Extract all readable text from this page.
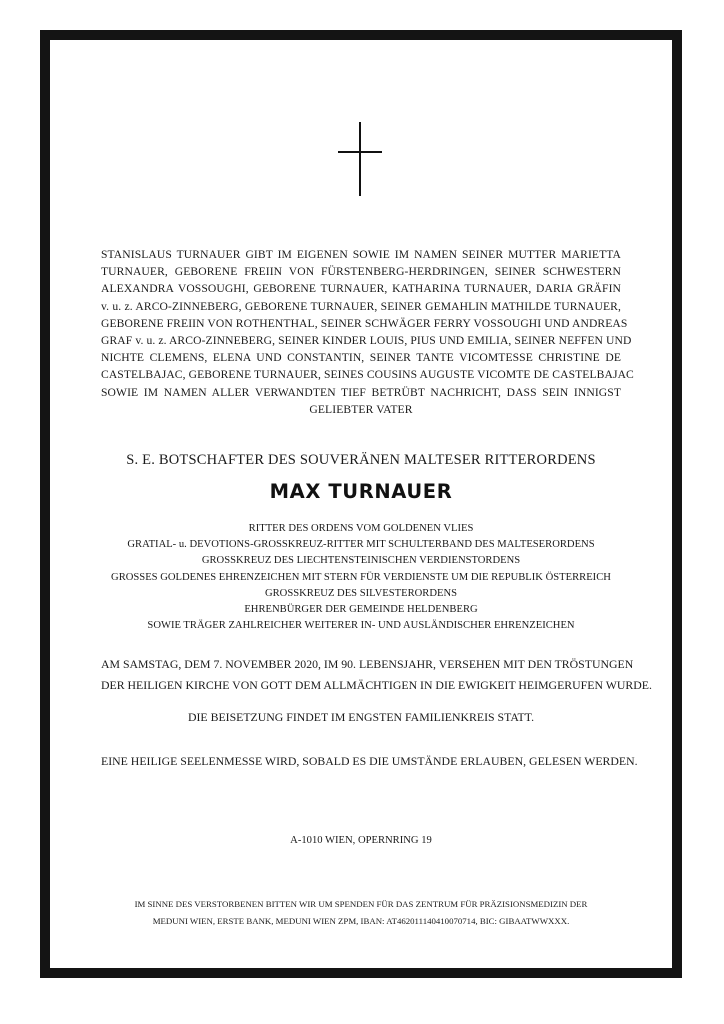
STANISLAUS TURNAUER GIBT IM EIGENEN SOWIE IM NAMEN SEINER MUTTER MARIETTA
TURNAUER, GEBORENE FREIIN VON FÜRSTENBERG-HERDRINGEN, SEINER SCHWESTERN
ALEXANDRA VOSSOUGHI, GEBORENE TURNAUER, KATHARINA TURNAUER, DARIA GRÄFIN
v. u. z. ARCO-ZINNEBERG, GEBORENE TURNAUER, SEINER GEMAHLIN MATHILDE TURNAUER,
GEBORENE FREIIN VON ROTHENTHAL, SEINER SCHWÄGER FERRY VOSSOUGHI UND ANDREAS
GRAF v. u. z. ARCO-ZINNEBERG, SEINER KINDER LOUIS, PIUS UND EMILIA, SEINER NEFFEN UND
NICHTE CLEMENS, ELENA UND CONSTANTIN, SEINER TANTE VICOMTESSE CHRISTINE DE
CASTELBAJAC, GEBORENE TURNAUER, SEINES COUSINS AUGUSTE VICOMTE DE CASTELBAJAC
SOWIE IM NAMEN ALLER VERWANDTEN TIEF BETRÜBT NACHRICHT, DASS SEIN INNIGST
GELIEBTER VATER
S. E. BOTSCHAFTER DES SOUVERÄNEN MALTESER RITTERORDENS
MAX TURNAUER
RITTER DES ORDENS VOM GOLDENEN VLIES
GRATIAL- u. DEVOTIONS-GROSSKREUZ-RITTER MIT SCHULTERBAND DES MALTESERORDENS
GROSSKREUZ DES LIECHTENSTEINISCHEN VERDIENSTORDENS
GROSSES GOLDENES EHRENZEICHEN MIT STERN FÜR VERDIENSTE UM DIE REPUBLIK ÖSTERREICH
GROSSKREUZ DES SILVESTERORDENS
EHRENBÜRGER DER GEMEINDE HELDENBERG
SOWIE TRÄGER ZAHLREICHER WEITERER IN- UND AUSLÄNDISCHER EHRENZEICHEN
AM SAMSTAG, DEM 7. NOVEMBER 2020, IM 90. LEBENSJAHR, VERSEHEN MIT DEN TRÖSTUNGEN
DER HEILIGEN KIRCHE VON GOTT DEM ALLMÄCHTIGEN IN DIE EWIGKEIT HEIMGERUFEN WURDE.
DIE BEISETZUNG FINDET IM ENGSTEN FAMILIENKREIS STATT.
EINE HEILIGE SEELENMESSE WIRD, SOBALD ES DIE UMSTÄNDE ERLAUBEN, GELESEN WERDEN.
A-1010 WIEN, OPERNRING 19
IM SINNE DES VERSTORBENEN BITTEN WIR UM SPENDEN FÜR DAS ZENTRUM FÜR PRÄZISIONSMEDIZIN DER
MEDUNI WIEN, ERSTE BANK, MEDUNI WIEN ZPM, IBAN: AT462011140410070714, BIC: GIBAATWWXXX.
